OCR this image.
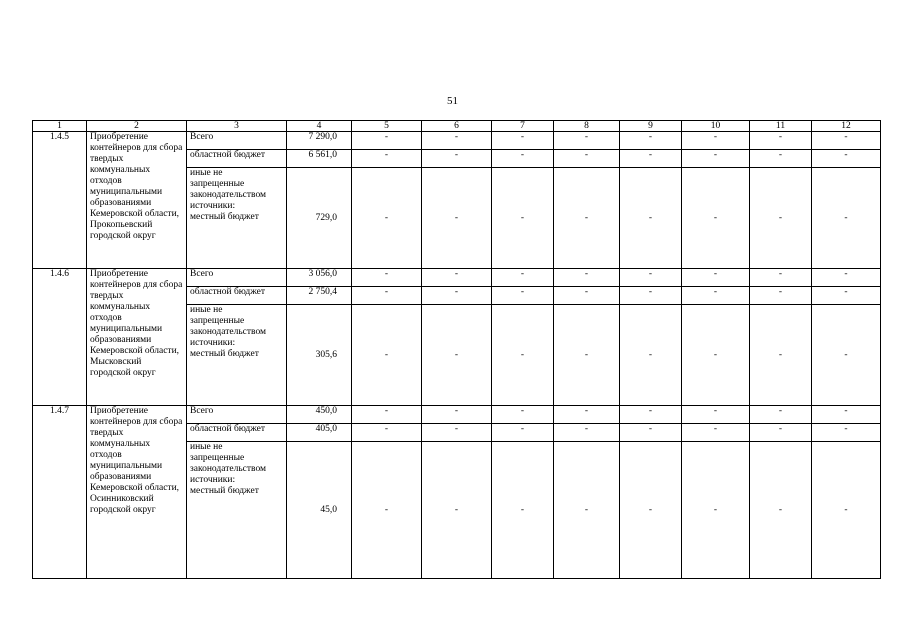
51
1	2	3	4	5	6	7	8	9	10	11	12
1.4.5	Приобретение контейнеров для сбора твердых коммунальных отходов муниципальными образованиями Кемеровской области, Прокопьевский городской округ	Всего	7 290,0	-	-	-	-	-	-	-	-

		областной бюджет	6 561,0	-	-	-	-	-	-	-	-

		иные не
запрещенные
законодательством
источники:
местный бюджет	729,0	-	-	-	-	-	-	-	-
1.4.6	Приобретение контейнеров для сбора твердых коммунальных отходов муниципальными образованиями Кемеровской области, Мысковский городской округ	Всего	3 056,0	-	-	-	-	-	-	-	-

		областной бюджет	2 750,4	-	-	-	-	-	-	-	-

		иные не
запрещенные
законодательством
источники:
местный бюджет	305,6	-	-	-	-	-	-	-	-
1.4.7	Приобретение контейнеров для сбора твердых коммунальных отходов муниципальными образованиями Кемеровской области, Осинниковский городской округ	Всего	450,0	-	-	-	-	-	-	-	-

		областной бюджет	405,0	-	-	-	-	-	-	-	-

		иные не
запрещенные
законодательством
источники:
местный бюджет	45,0	-	-	-	-	-	-	-	-
